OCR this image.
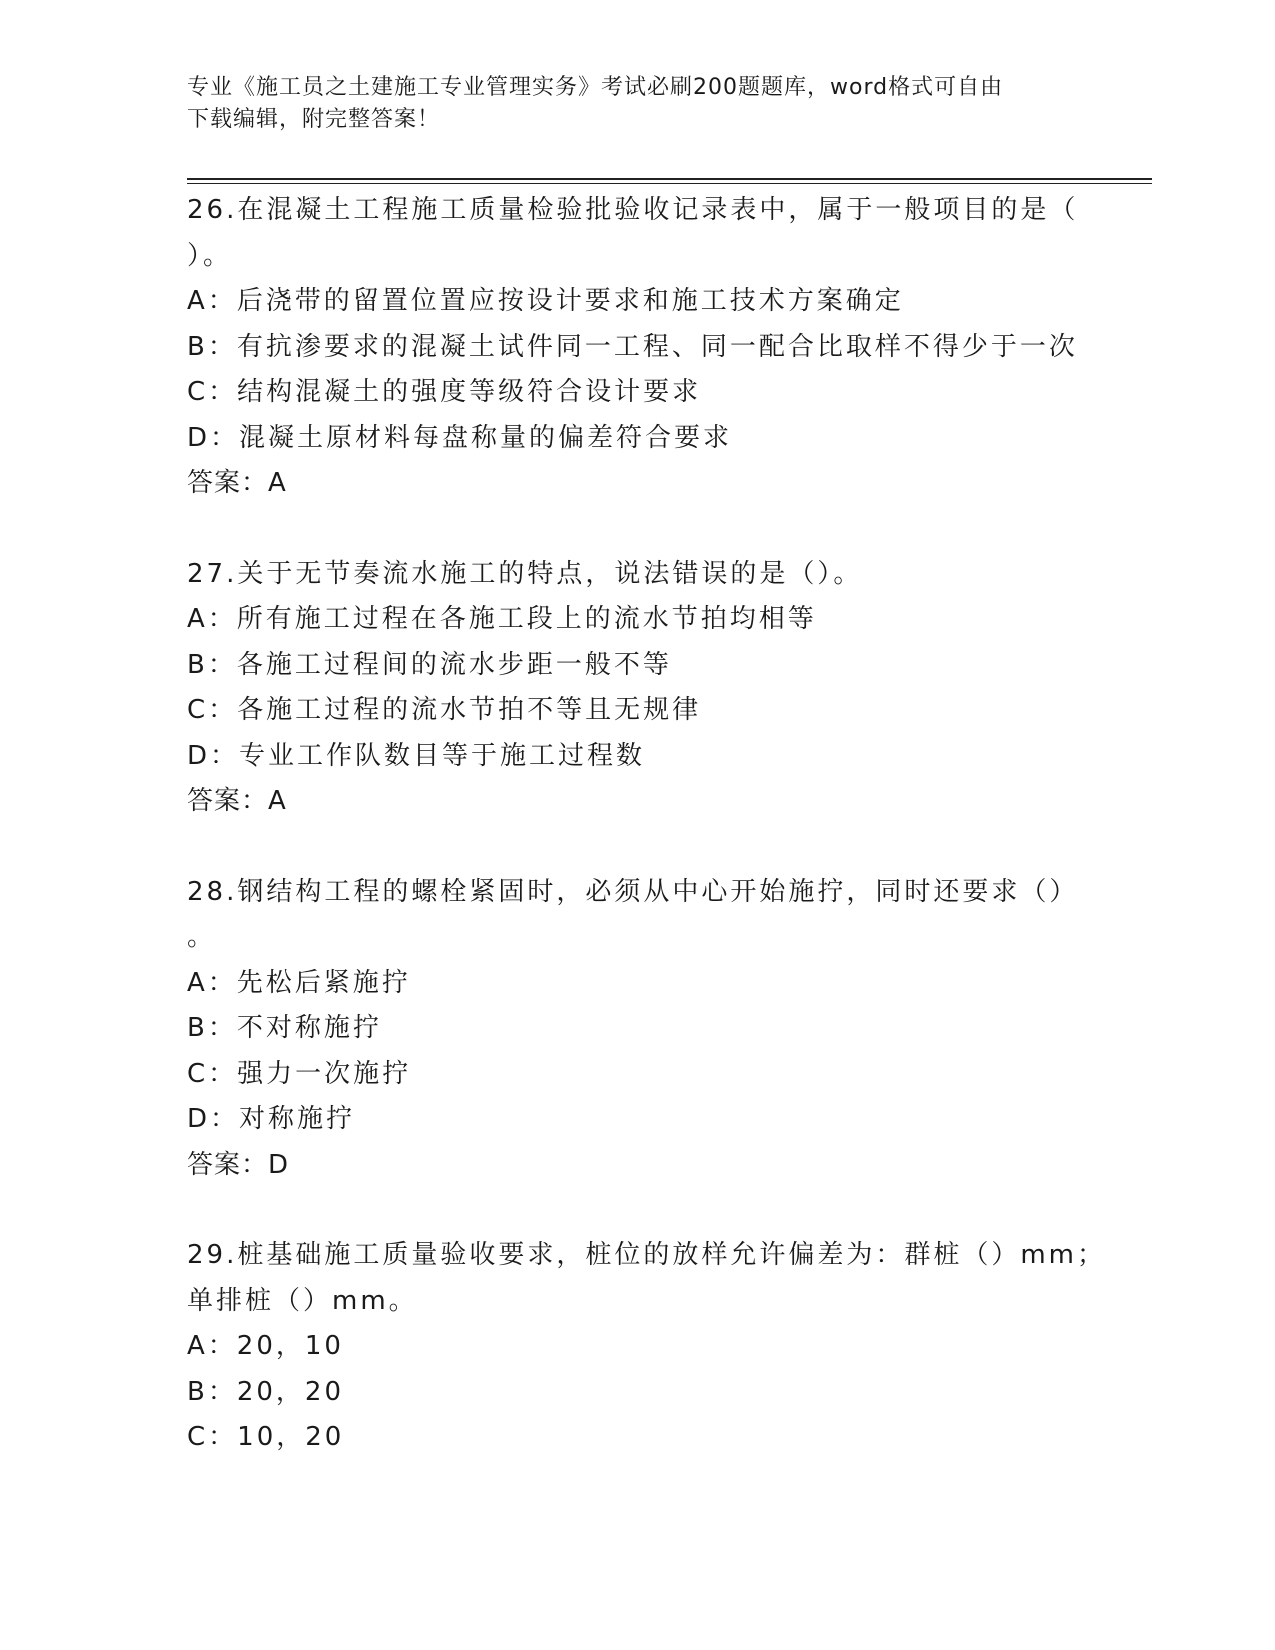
专业《施工员之土建施工专业管理实务》考试必刷200题题库，word格式可自由
下载编辑，附完整答案！
26.在混凝土工程施工质量检验批验收记录表中，属于一般项目的是（
）。
A：后浇带的留置位置应按设计要求和施工技术方案确定
B：有抗渗要求的混凝土试件同一工程、同一配合比取样不得少于一次
C：结构混凝土的强度等级符合设计要求
D：混凝土原材料每盘称量的偏差符合要求
答案：A
27.关于无节奏流水施工的特点，说法错误的是（）。
A：所有施工过程在各施工段上的流水节拍均相等
B：各施工过程间的流水步距一般不等
C：各施工过程的流水节拍不等且无规律
D：专业工作队数目等于施工过程数
答案：A
28.钢结构工程的螺栓紧固时，必须从中心开始施拧，同时还要求（）
。
A：先松后紧施拧
B：不对称施拧
C：强力一次施拧
D：对称施拧
答案：D
29.桩基础施工质量验收要求，桩位的放样允许偏差为：群桩（）mm；
单排桩（）mm。
A：20，10
B：20，20
C：10，20
